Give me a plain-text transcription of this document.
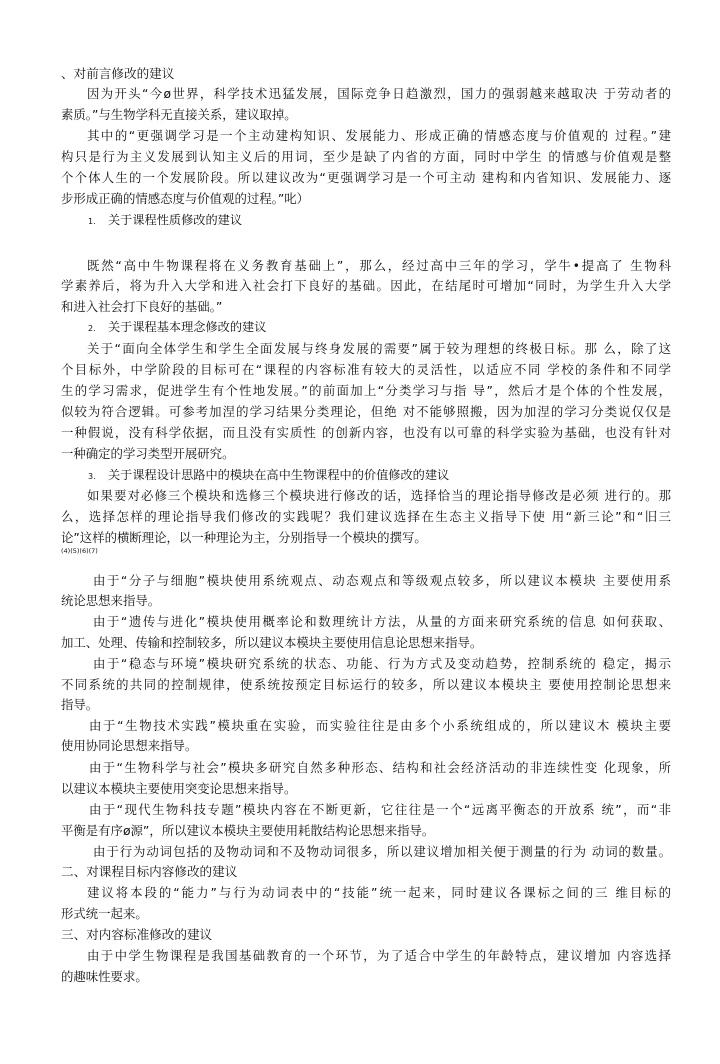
、对前言修改的建议
因为开头“今ø世界，科学技术迅猛发展，国际竞争日趋激烈，国力的强弱越来越取决 于劳动者的
素质。”与生物学科无直接关系，建议取掉。
其中的“更强调学习是一个主动建构知识、发展能力、形成正确的情感态度与价值观的 过程。”建
构只是行为主义发展到认知主义后的用词，至少是缺了内省的方面，同时中学生 的情感与价值观是整
个个体人生的一个发展阶段。所以建议改为“更强调学习是一个可主动 建构和内省知识、发展能力、逐
步形成正确的情感态度与价值观的过程。”叱）
1. 关于课程性质修改的建议
既然“高中牛物课程将在义务教育基础上”，那么，经过高中三年的学习，学牛•提高了 生物科
学素养后，将为升入大学和进入社会打下良好的基础。因此，在结尾时可增加“同时，为学生升入大学
和进入社会打下良好的基础。”
2. 关于课程基本理念修改的建议
关于“面向全体学生和学生全面发展与终身发展的需要”属于较为理想的终极日标。那 么，除了这
个目标外，中学阶段的目标可在“课程的内容标准有较大的灵活性，以适应不同 学校的条件和不同学
生的学习需求，促进学生有个性地发展。”的前面加上“分类学习与指 导”，然后才是个体的个性发展，
似较为符合逻辑。可参考加涅的学习结果分类理论，但绝 对不能够照搬，因为加涅的学习分类说仅仅是
一种假说，没有科学依据，而且没有实质性 的创新内容，也没有以可靠的科学实验为基础，也没有针对
一种确定的学习类型开展研究。
3. 关于课程设计思路中的模块在高中生物课程中的价值修改的建议
如果要对必修三个模块和选修三个模块进行修改的话，选择恰当的理论指导修改是必须 进行的。那
么，选择怎样的理论指导我们修改的实践呢？我们建议选择在生态主义指导下使 用“新三论”和“旧三
论”这样的横断理论，以一种理论为主，分别指导一个模块的撰写。
(4)(5)(6)(7)
由于“分子与细胞”模块使用系统观点、动态观点和等级观点较多，所以建议本模块 主要使用系
统论思想来指导。
由于“遗传与进化”模块使用概率论和数理统计方法，从量的方面来研究系统的信息 如何获取、
加工、处理、传输和控制较多，所以建议本模块主要使用信息论思想来指导。
由于“稳态与环境”模块研究系统的状态、功能、行为方式及变动趋势，控制系统的 稳定，揭示
不同系统的共同的控制规律，使系统按预定目标运行的较多，所以建议本模块主 要使用控制论思想来
指导。
由于“生物技术实践”模块重在实验，而实验往往是由多个小系统组成的，所以建议木 模块主要
使用协同论思想来指导。
由于“生物科学与社会”模块多研究自然多种形态、结构和社会经济活动的非连续性变 化现象，所
以建议本模块主要使用突变论思想来指导。
由于“现代生物科技专题”模块内容在不断更新，它往往是一个“远离平衡态的开放系 统”，而“非
平衡是有序ø源”，所以建议本模块主要使用耗散结构论思想来指导。
由于行为动词包括的及物动词和不及物动词很多，所以建议增加相关便于测量的行为 动词的数量。
二、对课程目标内容修改的建议
建议将本段的“能力”与行为动词表中的“技能”统一起来，同时建议各课标之间的三 维目标的
形式统一起来。
三、对内容标准修改的建议
由于中学生物课程是我国基础教育的一个环节，为了适合中学生的年龄特点，建议增加 内容选择
的趣味性要求。
